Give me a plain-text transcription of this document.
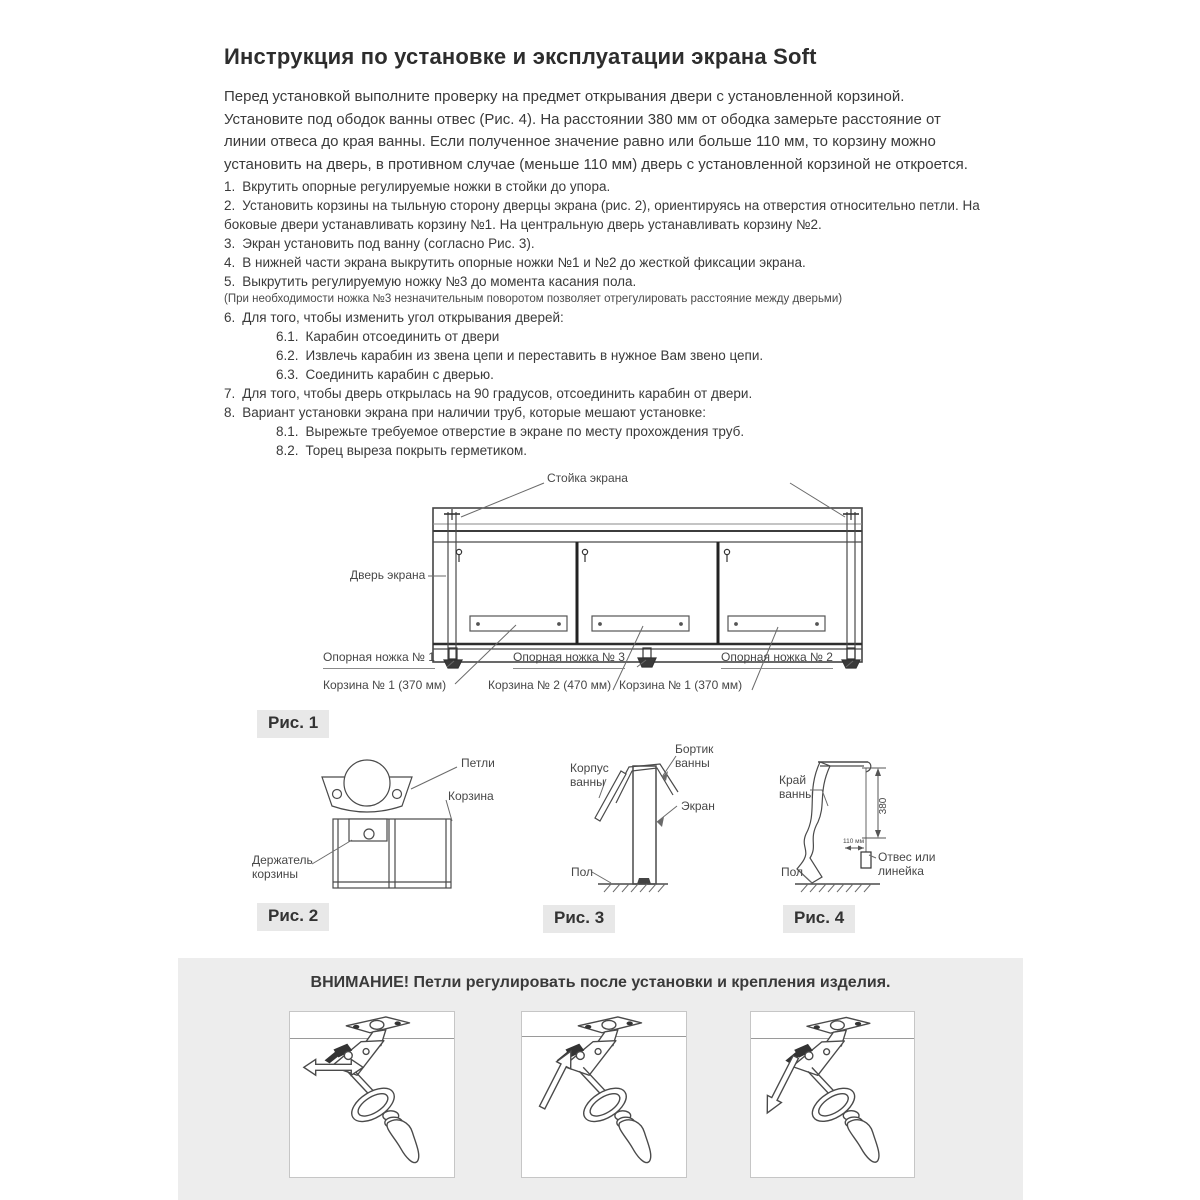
Инструкция по установке и эксплуатации экрана Soft
Перед установкой выполните проверку на предмет открывания двери с установленной корзиной. Установите под ободок ванны отвес (Рис. 4). На расстоянии 380 мм от ободка замерьте расстояние от линии отвеса до края ванны. Если полученное значение равно или больше 110 мм, то корзину можно установить на дверь, в противном случае (меньше 110 мм) дверь с установленной корзиной не откроется.
1. Вкрутить опорные регулируемые ножки в стойки до упора.
2. Установить корзины на тыльную сторону дверцы экрана (рис. 2), ориентируясь на отверстия относительно петли. На боковые двери устанавливать корзину №1. На центральную дверь устанавливать корзину №2.
3. Экран установить под ванну (согласно Рис. 3).
4. В нижней части экрана выкрутить опорные ножки №1 и №2 до жесткой фиксации экрана.
5. Выкрутить регулируемую ножку №3 до момента касания пола.
(При необходимости ножка №3 незначительным поворотом позволяет отрегулировать расстояние между дверьми)
6. Для того, чтобы изменить угол открывания дверей:
6.1. Карабин отсоединить от двери
6.2. Извлечь карабин из звена цепи и переставить в нужное Вам звено цепи.
6.3. Соединить карабин с дверью.
7. Для того, чтобы дверь открылась на 90 градусов, отсоединить карабин от двери.
8. Вариант установки экрана при наличии труб, которые мешают установке:
8.1. Вырежьте требуемое отверстие в экране по месту прохождения труб.
8.2. Торец выреза покрыть герметиком.
Стойка экрана
Дверь экрана
Опорная ножка № 1	Опорная ножка № 3	Опорная ножка № 2
Корзина № 1 (370 мм)	Корзина № 2 (470 мм) Корзина № 1 (370 мм)
Рис. 1
Петли
Корзина
Держатель корзины
Рис. 2
Бортик ванны
Корпус ванны
Экран
Пол
Рис. 3
380
110 мм
Край ванны
Отвес или линейка
Пол
Рис. 4
ВНИМАНИЕ! Петли регулировать после установки и крепления изделия.
